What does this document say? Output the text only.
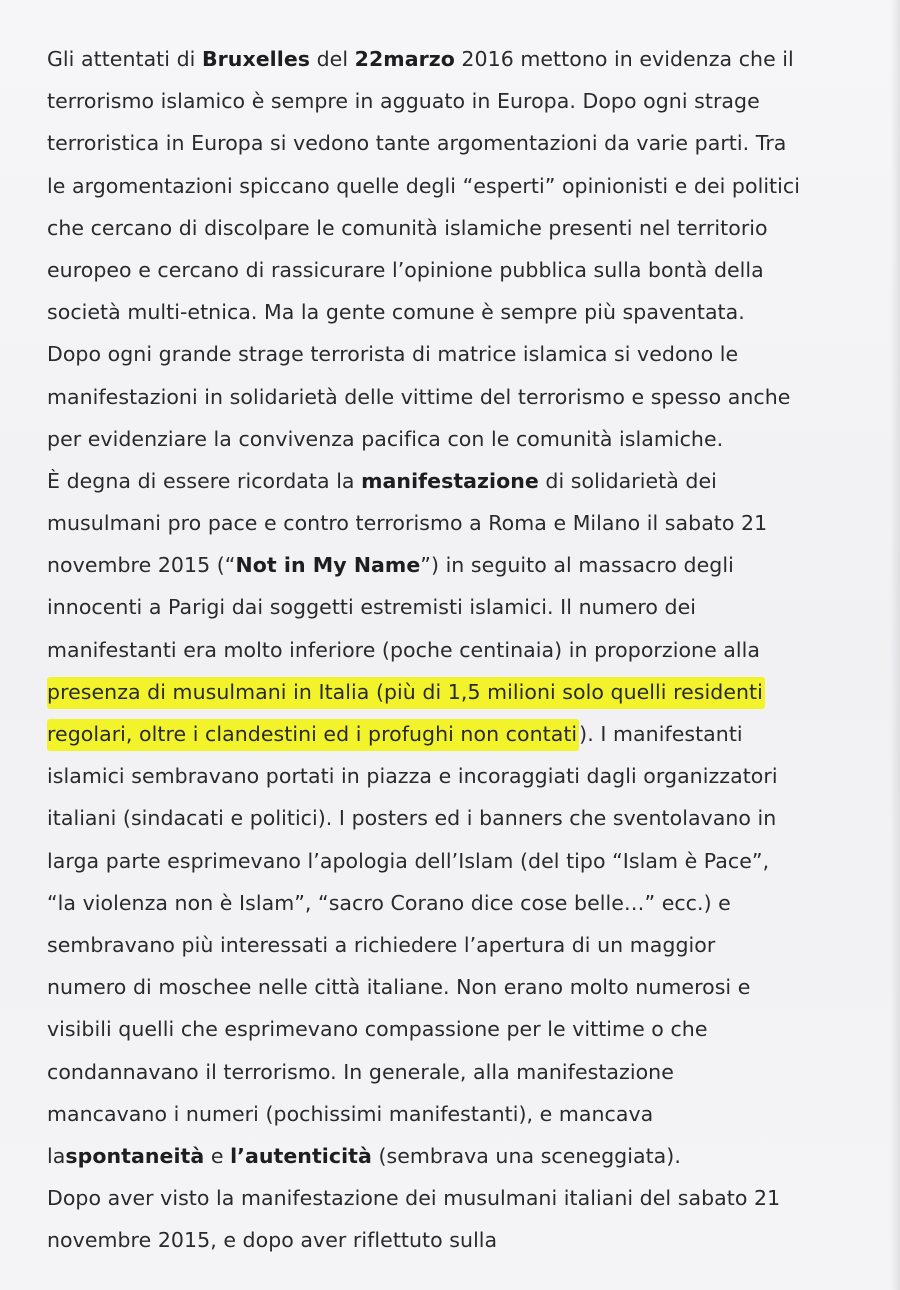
Gli attentati di Bruxelles del 22marzo 2016 mettono in evidenza che il
terrorismo islamico è sempre in agguato in Europa. Dopo ogni strage
terroristica in Europa si vedono tante argomentazioni da varie parti. Tra
le argomentazioni spiccano quelle degli “esperti” opinionisti e dei politici
che cercano di discolpare le comunità islamiche presenti nel territorio
europeo e cercano di rassicurare l’opinione pubblica sulla bontà della
società multi-etnica. Ma la gente comune è sempre più spaventata.
Dopo ogni grande strage terrorista di matrice islamica si vedono le
manifestazioni in solidarietà delle vittime del terrorismo e spesso anche
per evidenziare la convivenza pacifica con le comunità islamiche.
È degna di essere ricordata la manifestazione di solidarietà dei
musulmani pro pace e contro terrorismo a Roma e Milano il sabato 21
novembre 2015 (“Not in My Name”) in seguito al massacro degli
innocenti a Parigi dai soggetti estremisti islamici. Il numero dei
manifestanti era molto inferiore (poche centinaia) in proporzione alla
presenza di musulmani in Italia (più di 1,5 milioni solo quelli residenti
regolari, oltre i clandestini ed i profughi non contati). I manifestanti
islamici sembravano portati in piazza e incoraggiati dagli organizzatori
italiani (sindacati e politici). I posters ed i banners che sventolavano in
larga parte esprimevano l’apologia dell’Islam (del tipo “Islam è Pace”,
“la violenza non è Islam”, “sacro Corano dice cose belle…” ecc.) e
sembravano più interessati a richiedere l’apertura di un maggior
numero di moschee nelle città italiane. Non erano molto numerosi e
visibili quelli che esprimevano compassione per le vittime o che
condannavano il terrorismo. In generale, alla manifestazione
mancavano i numeri (pochissimi manifestanti), e mancava
laspontaneità e l’autenticità (sembrava una sceneggiata).
Dopo aver visto la manifestazione dei musulmani italiani del sabato 21
novembre 2015, e dopo aver riflettuto sulla
